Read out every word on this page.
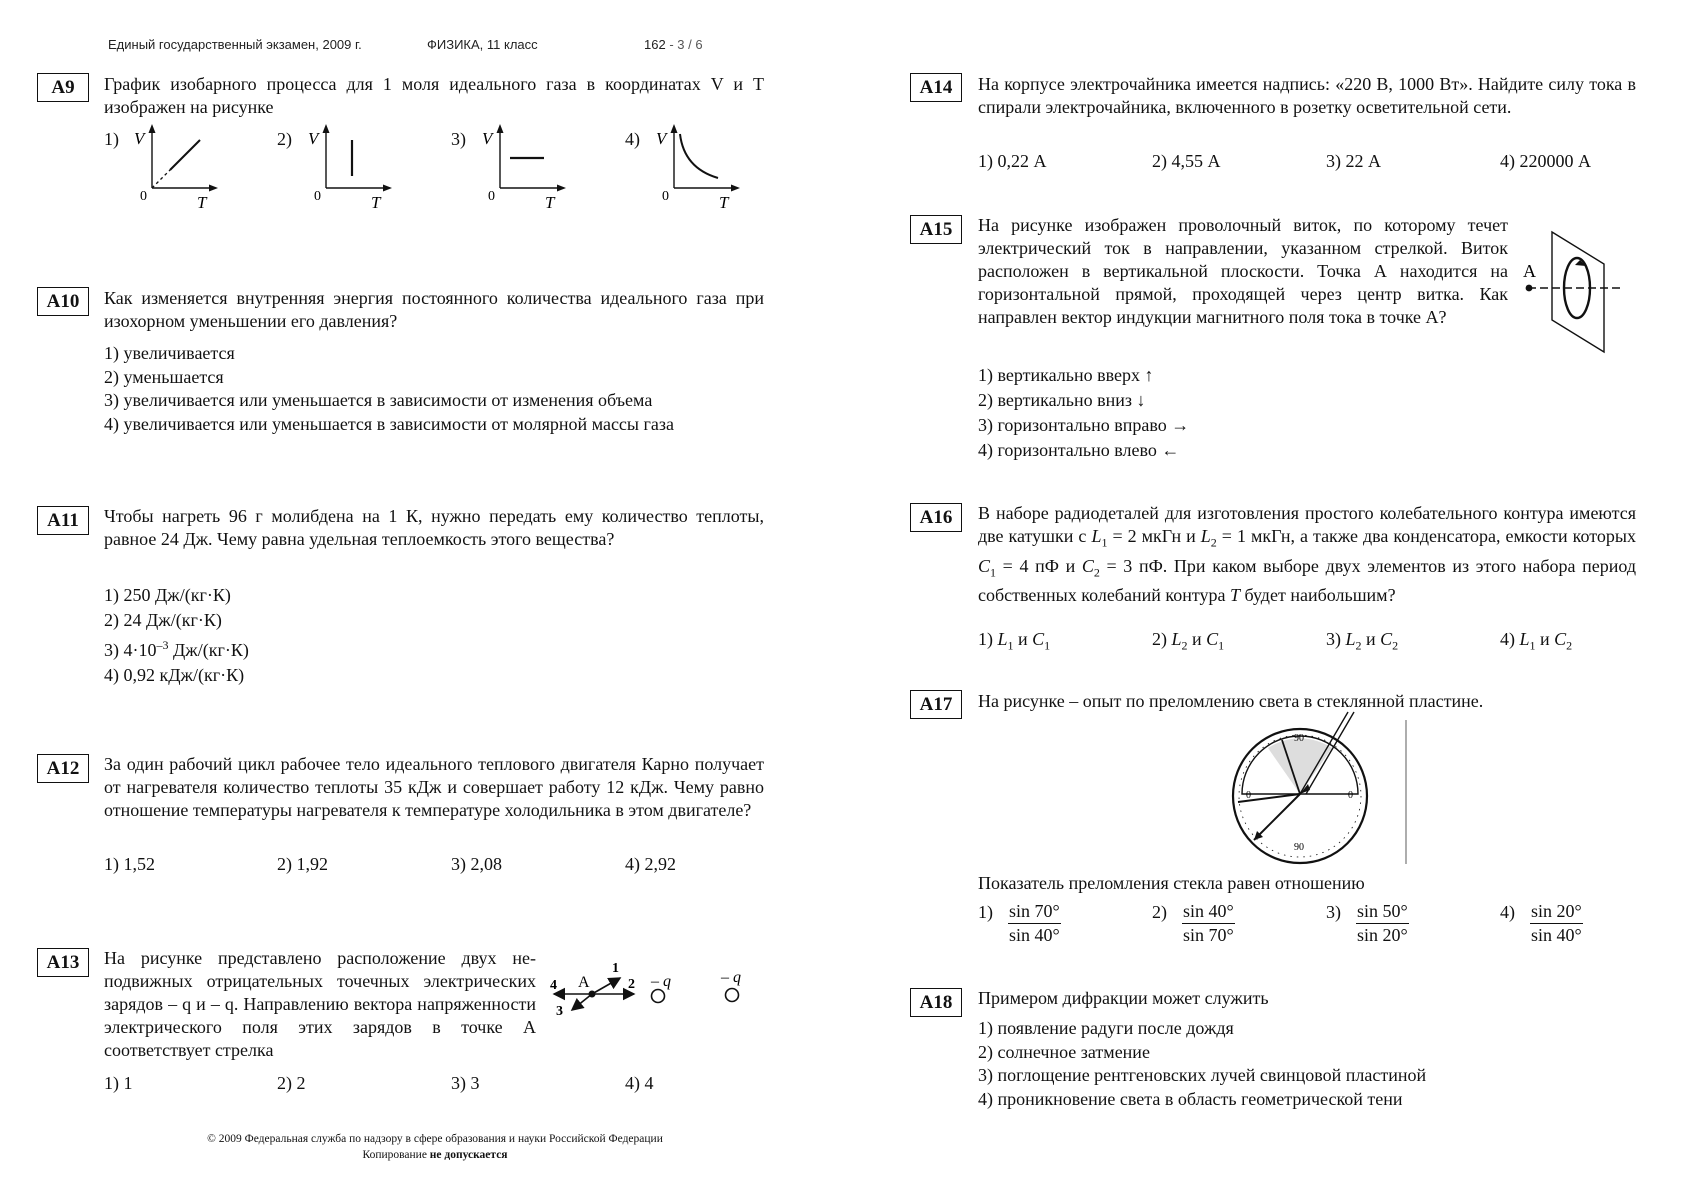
Единый государственный экзамен, 2009 г.	ФИЗИКА, 11 класс	162 - 3 / 6
А9	График изобарного процесса для 1 моля идеального газа в координатах V и T изображен на рисунке
1)	2)	3)	4)
V
0	T
V
0	T
V
0	T
V
0	T
А10	Как изменяется внутренняя энергия постоянного количества идеального газа при изохорном уменьшении его давления?
1) увеличивается
2) уменьшается
3) увеличивается или уменьшается в зависимости от изменения объема
4) увеличивается или уменьшается в зависимости от молярной массы газа
А11	Чтобы нагреть 96 г молибдена на 1 К, нужно передать ему количество теплоты, равное 24 Дж. Чему равна удельная теплоемкость этого вещества?
1) 250 Дж/(кг·К)
2) 24 Дж/(кг·К)
3) $4\cdot 10^{-3}$ Дж/(кг·К)
4) 0,92 кДж/(кг·К)
А12	За один рабочий цикл рабочее тело идеального теплового двигателя Карно получает от нагревателя количество теплоты 35 кДж и совершает работу 12 кДж. Чему равно отношение температуры нагревателя к температуре холодильника в этом двигателе?
1) 1,52	2) 1,92	3) 2,08	4) 2,92
А13	На рисунке представлено расположение двух неподвижных отрицательных точечных электрических зарядов – q и – q. Направлению вектора напряженности электрического поля этих зарядов в точке А соответствует стрелка
A
1
2
3
4	– q	– q
1) 1	2) 2	3) 3	4) 4
© 2009 Федеральная служба по надзору в сфере образования и науки Российской Федерации
Копирование не допускается
А14	На корпусе электрочайника имеется надпись: «220 В, 1000 Вт». Найдите силу тока в спирали электрочайника, включенного в розетку осветительной сети.
1) 0,22 А	2) 4,55 А	3) 22 А	4) 220000 А
А15	На рисунке изображен проволочный виток, по которому течет электрический ток в направлении, указанном стрелкой. Виток расположен в вертикальной плоскости. Точка А находится на горизонтальной прямой, проходящей через центр витка. Как направлен вектор индукции магнитного поля тока в точке А?
A
1) вертикально вверх ↑
2) вертикально вниз ↓
3) горизонтально вправо →
4) горизонтально влево ←
А16	В наборе радиодеталей для изготовления простого колебательного контура имеются две катушки с $L_1 = 2$ мкГн и $L_2 = 1$ мкГн, а также два конденсатора, емкости которых $C_1 = 4$ пФ и $C_2 = 3$ пФ. При каком выборе двух элементов из этого набора период собственных колебаний контура T будет наибольшим?
1) $L_1$ и $C_1$	2) $L_2$ и $C_1$	3) $L_2$ и $C_2$	4) $L_1$ и $C_2$
А17	На рисунке – опыт по преломлению света в стеклянной пластине.
90
0	0
90
Показатель преломления стекла равен отношению
$1) \frac{\sin 70^\circ}{\sin 40^\circ}$	$2) \frac{\sin 40^\circ}{\sin 70^\circ}$	$3) \frac{\sin 50^\circ}{\sin 20^\circ}$	$4) \frac{\sin 20^\circ}{\sin 40^\circ}$
А18	Примером дифракции может служить
1) появление радуги после дождя
2) солнечное затмение
3) поглощение рентгеновских лучей свинцовой пластиной
4) проникновение света в область геометрической тени
